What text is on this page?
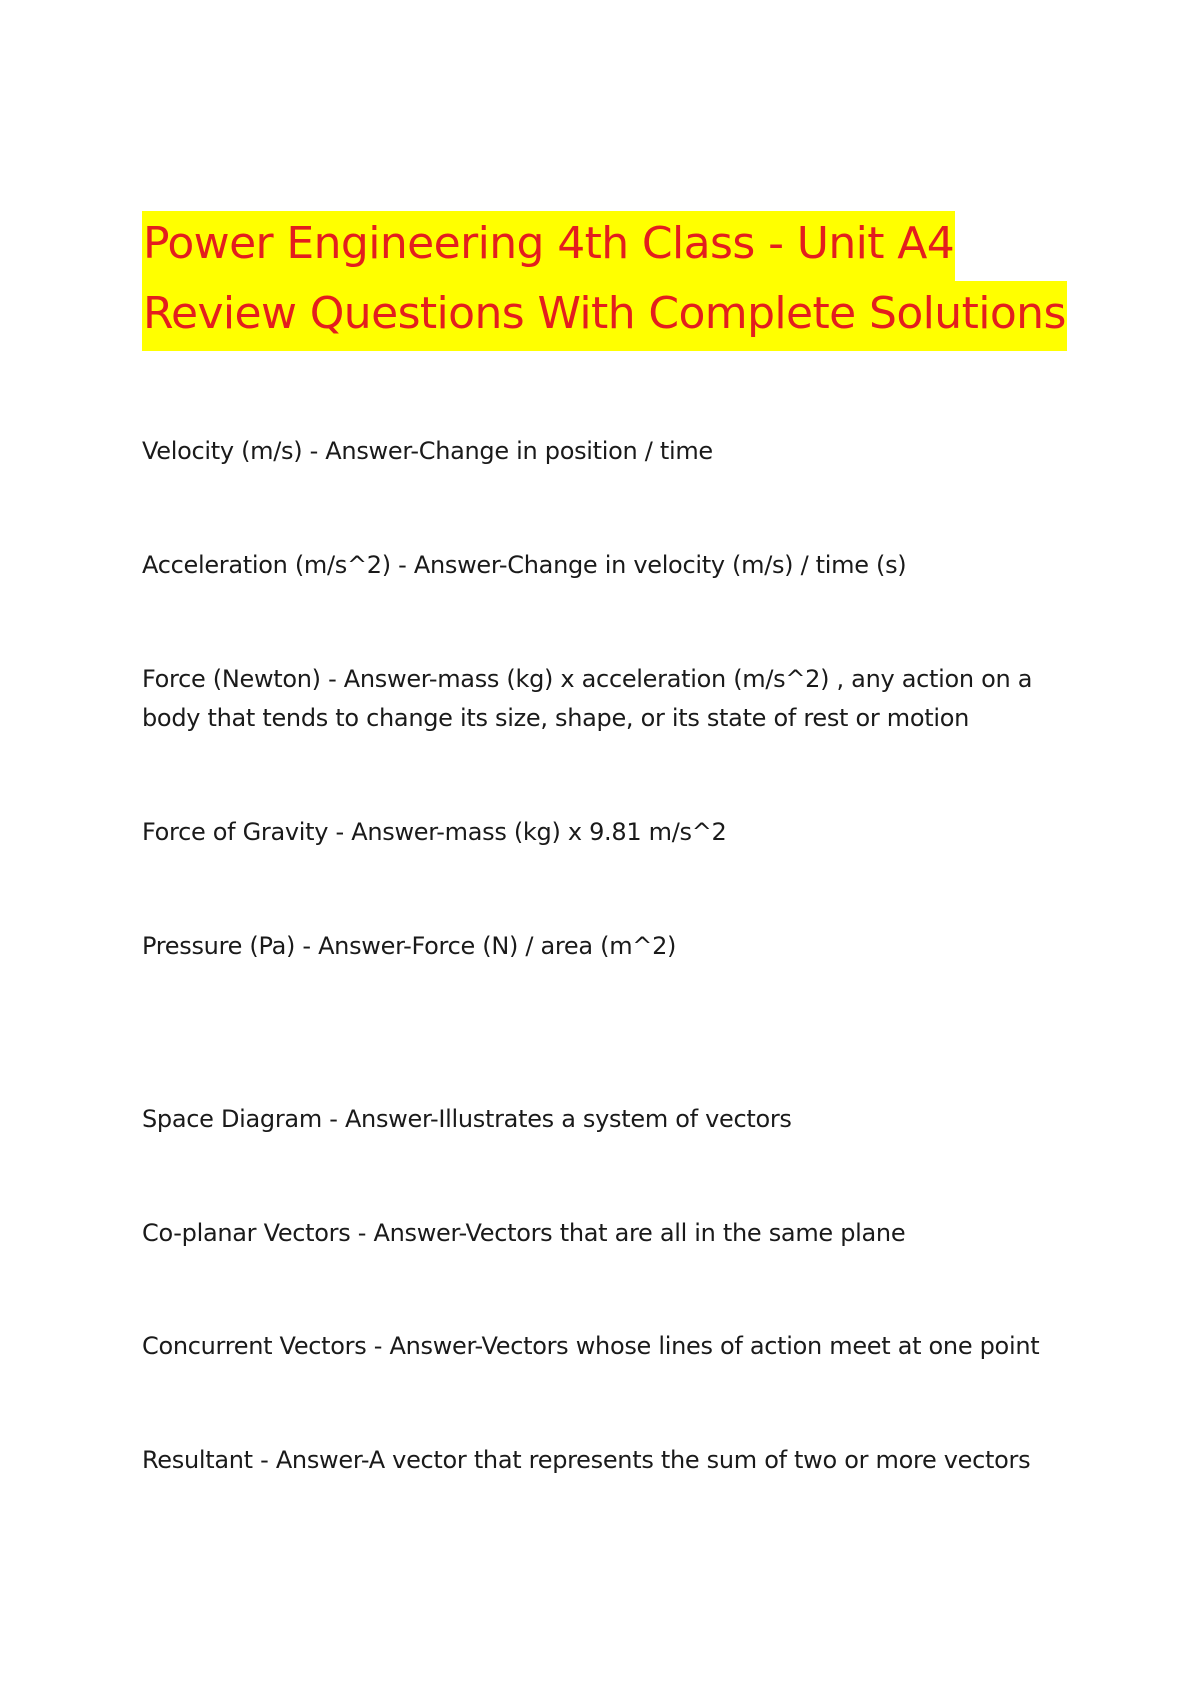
Power Engineering 4th Class - Unit A4
Review Questions With Complete Solutions

Velocity (m/s) - Answer-Change in position / time

Acceleration (m/s^2) - Answer-Change in velocity (m/s) / time (s)

Force (Newton) - Answer-mass (kg) x acceleration (m/s^2) , any action on a body that tends to change its size, shape, or its state of rest or motion

Force of Gravity - Answer-mass (kg) x 9.81 m/s^2

Pressure (Pa) - Answer-Force (N) / area (m^2)

Space Diagram - Answer-Illustrates a system of vectors

Co-planar Vectors - Answer-Vectors that are all in the same plane

Concurrent Vectors - Answer-Vectors whose lines of action meet at one point

Resultant - Answer-A vector that represents the sum of two or more vectors
